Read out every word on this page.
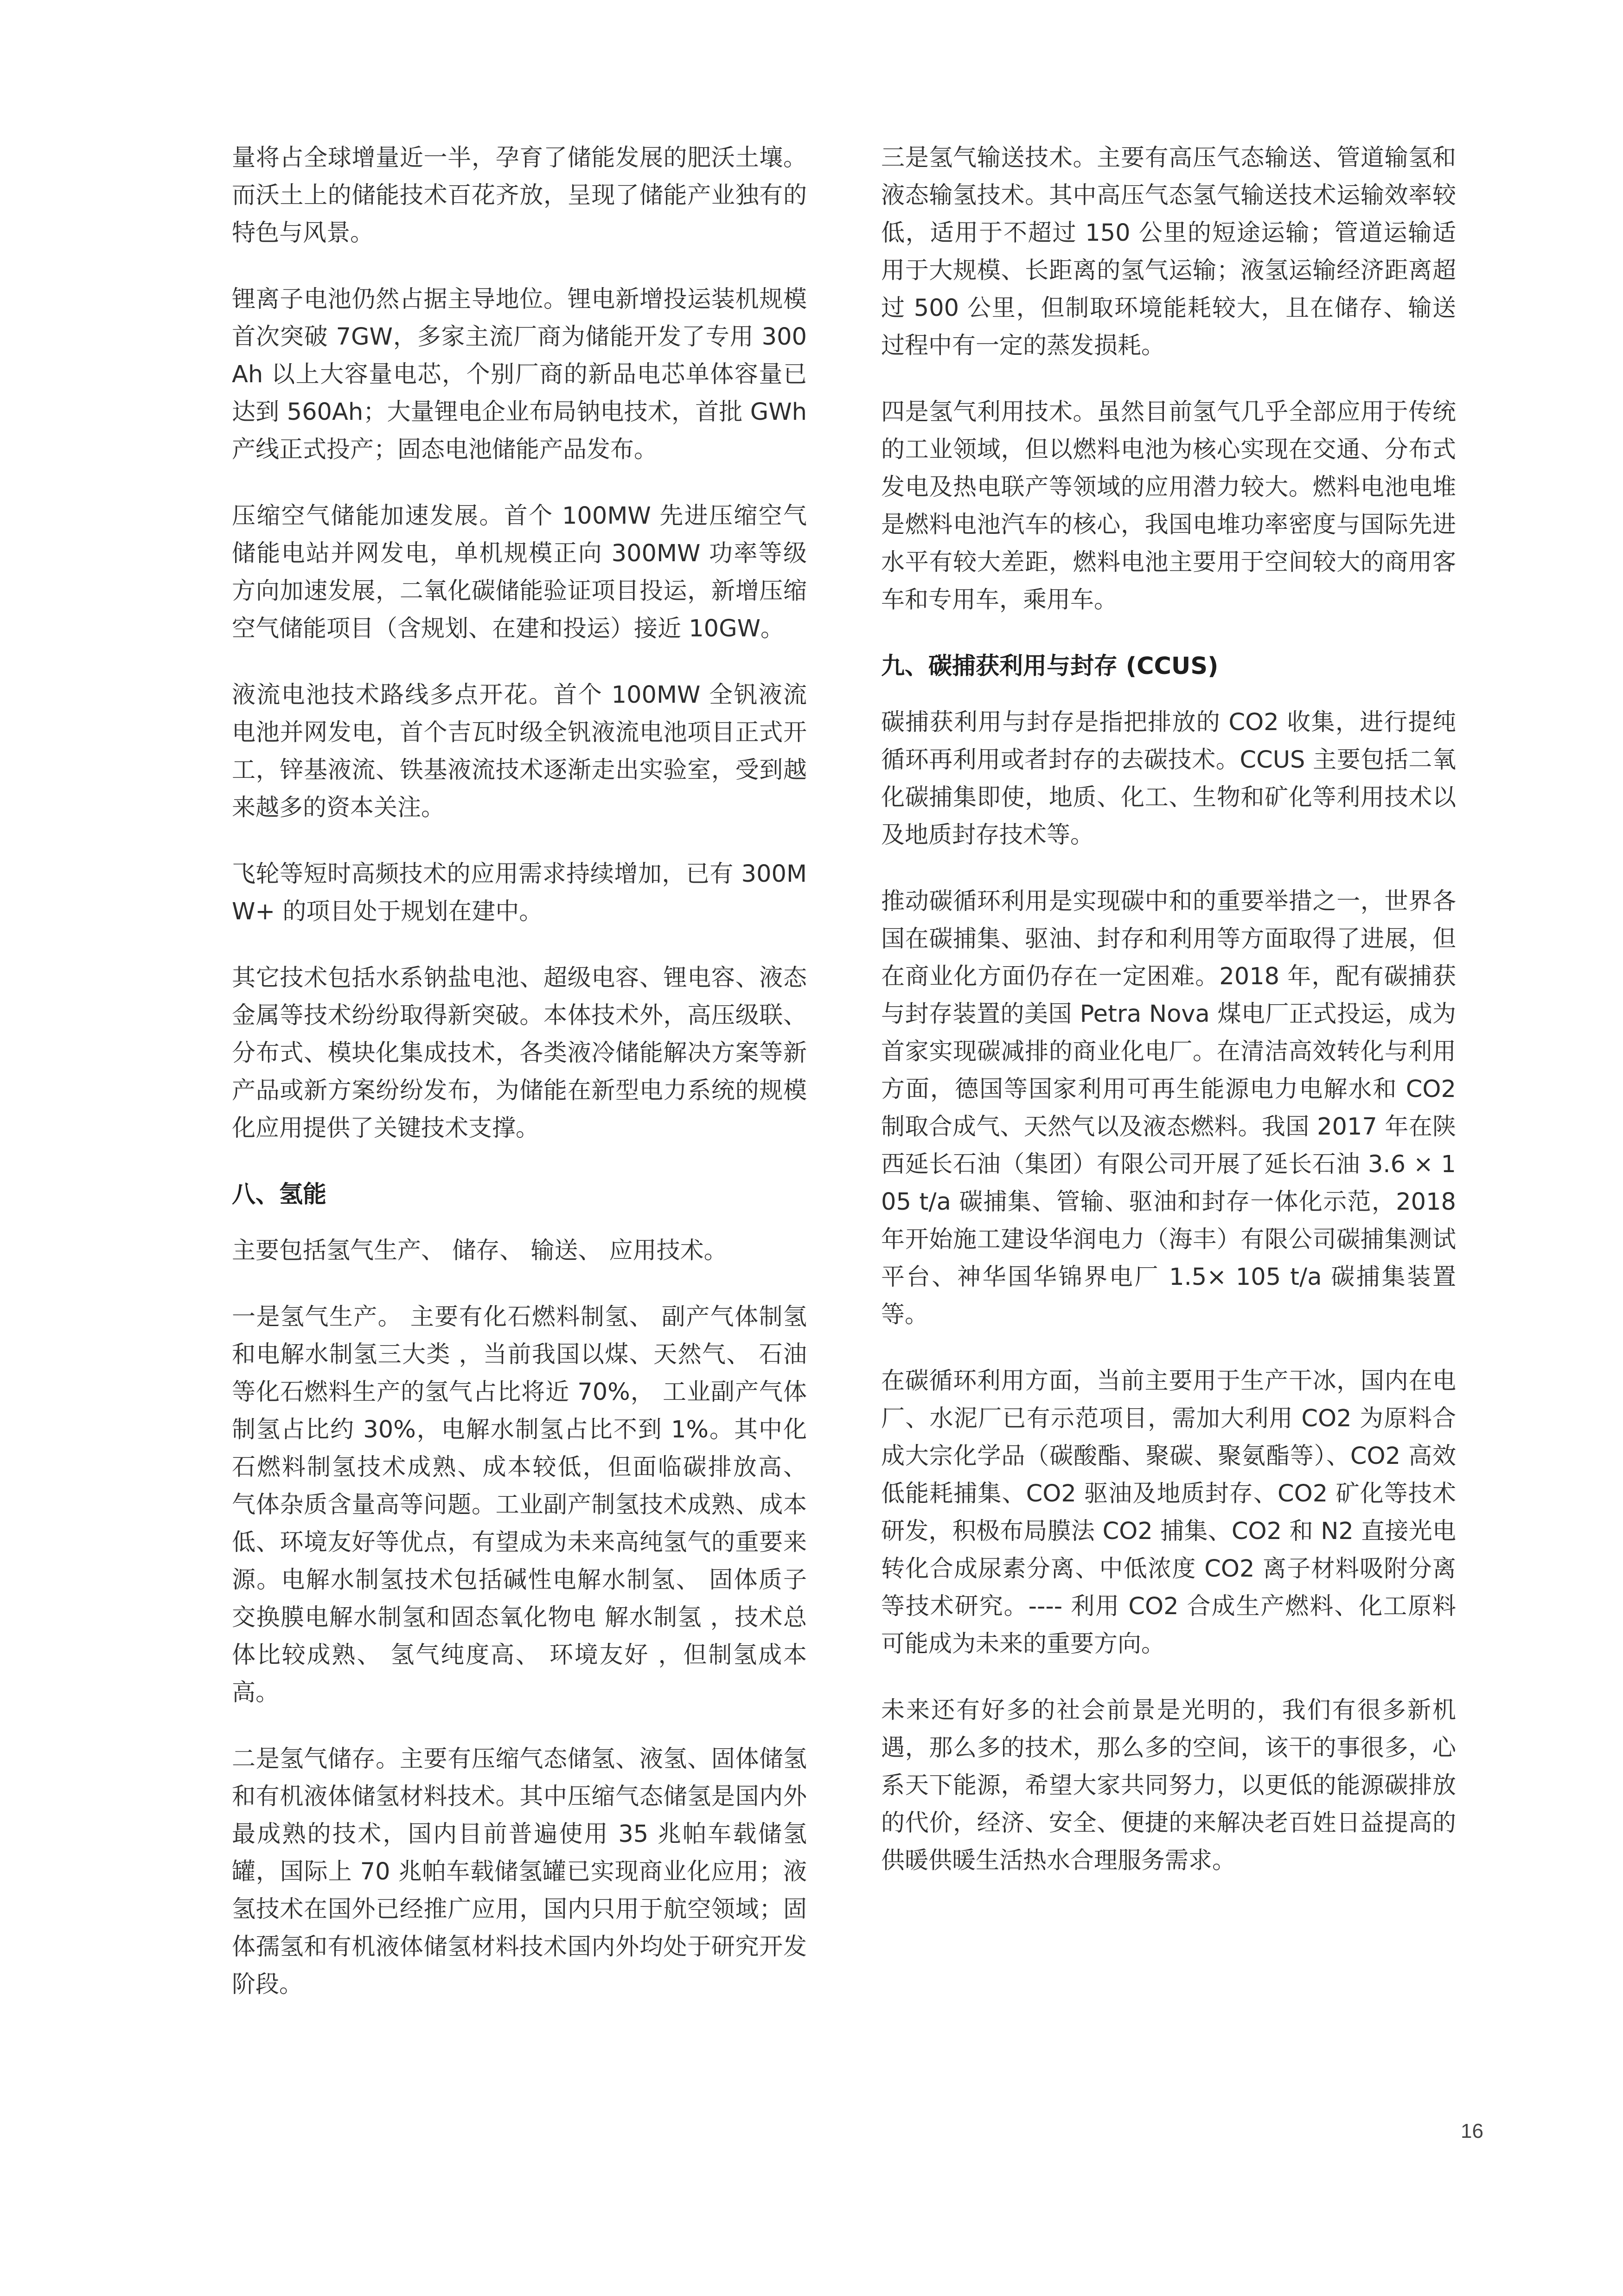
量将占全球增量近一半，孕育了储能发展的肥沃土壤。而沃土上的储能技术百花齐放，呈现了储能产业独有的特色与风景。

锂离子电池仍然占据主导地位。锂电新增投运装机规模首次突破 7GW，多家主流厂商为储能开发了专用 300Ah 以上大容量电芯，个别厂商的新品电芯单体容量已达到 560Ah；大量锂电企业布局钠电技术，首批 GWh 产线正式投产；固态电池储能产品发布。

压缩空气储能加速发展。首个 100MW 先进压缩空气储能电站并网发电，单机规模正向 300MW 功率等级方向加速发展，二氧化碳储能验证项目投运，新增压缩空气储能项目（含规划、在建和投运）接近 10GW。

液流电池技术路线多点开花。首个 100MW 全钒液流电池并网发电，首个吉瓦时级全钒液流电池项目正式开工，锌基液流、铁基液流技术逐渐走出实验室，受到越来越多的资本关注。

飞轮等短时高频技术的应用需求持续增加，已有 300MW+ 的项目处于规划在建中。

其它技术包括水系钠盐电池、超级电容、锂电容、液态金属等技术纷纷取得新突破。本体技术外，高压级联、分布式、模块化集成技术，各类液冷储能解决方案等新产品或新方案纷纷发布，为储能在新型电力系统的规模化应用提供了关键技术支撑。

八、氢能

主要包括氢气生产、 储存、 输送、 应用技术。

一是氢气生产。 主要有化石燃料制氢、 副产气体制氢和电解水制氢三大类 ，当前我国以煤、天然气、 石油等化石燃料生产的氢气占比将近 70%， 工业副产气体制氢占比约 30%，电解水制氢占比不到 1%。其中化石燃料制氢技术成熟、成本较低，但面临碳排放高、 气体杂质含量高等问题。工业副产制氢技术成熟、成本低、环境友好等优点，有望成为未来高纯氢气的重要来源。电解水制氢技术包括碱性电解水制氢、 固体质子交换膜电解水制氢和固态氧化物电 解水制氢 ，技术总体比较成熟、 氢气纯度高、 环境友好 ，但制氢成本高。

二是氢气储存。主要有压缩气态储氢、液氢、固体储氢和有机液体储氢材料技术。其中压缩气态储氢是国内外最成熟的技术，国内目前普遍使用 35 兆帕车载储氢罐，国际上 70 兆帕车载储氢罐已实现商业化应用；液氢技术在国外已经推广应用，国内只用于航空领域；固体孺氢和有机液体储氢材料技术国内外均处于研究开发阶段。

三是氢气输送技术。主要有高压气态输送、管道输氢和液态输氢技术。其中高压气态氢气输送技术运输效率较低，适用于不超过 150 公里的短途运输；管道运输适用于大规模、长距离的氢气运输；液氢运输经济距离超过 500 公里，但制取环境能耗较大，且在储存、输送过程中有一定的蒸发损耗。

四是氢气利用技术。虽然目前氢气几乎全部应用于传统的工业领域，但以燃料电池为核心实现在交通、分布式发电及热电联产等领域的应用潜力较大。燃料电池电堆是燃料电池汽车的核心，我国电堆功率密度与国际先进水平有较大差距，燃料电池主要用于空间较大的商用客车和专用车，乘用车。

九、碳捕获利用与封存 (CCUS)

碳捕获利用与封存是指把排放的 CO2 收集，进行提纯循环再利用或者封存的去碳技术。CCUS 主要包括二氧化碳捕集即使，地质、化工、生物和矿化等利用技术以及地质封存技术等。

推动碳循环利用是实现碳中和的重要举措之一，世界各国在碳捕集、驱油、封存和利用等方面取得了进展，但在商业化方面仍存在一定困难。2018 年，配有碳捕获与封存装置的美国 Petra Nova 煤电厂正式投运，成为首家实现碳减排的商业化电厂。在清洁高效转化与利用方面，德国等国家利用可再生能源电力电解水和 CO2 制取合成气、天然气以及液态燃料。我国 2017 年在陕西延长石油（集团）有限公司开展了延长石油 3.6 × 105 t/a 碳捕集、管输、驱油和封存一体化示范，2018 年开始施工建设华润电力（海丰）有限公司碳捕集测试平台、神华国华锦界电厂 1.5× 105 t/a 碳捕集装置等。

在碳循环利用方面，当前主要用于生产干冰，国内在电厂、水泥厂已有示范项目，需加大利用 CO2 为原料合成大宗化学品（碳酸酯、聚碳、聚氨酯等）、CO2 高效低能耗捕集、CO2 驱油及地质封存、CO2 矿化等技术研发，积极布局膜法 CO2 捕集、CO2 和 N2 直接光电转化合成尿素分离、中低浓度 CO2 离子材料吸附分离等技术研究。---- 利用 CO2 合成生产燃料、化工原料可能成为未来的重要方向。

未来还有好多的社会前景是光明的，我们有很多新机遇，那么多的技术，那么多的空间，该干的事很多，心系天下能源，希望大家共同努力，以更低的能源碳排放的代价，经济、安全、便捷的来解决老百姓日益提高的供暖供暖生活热水合理服务需求。

16
